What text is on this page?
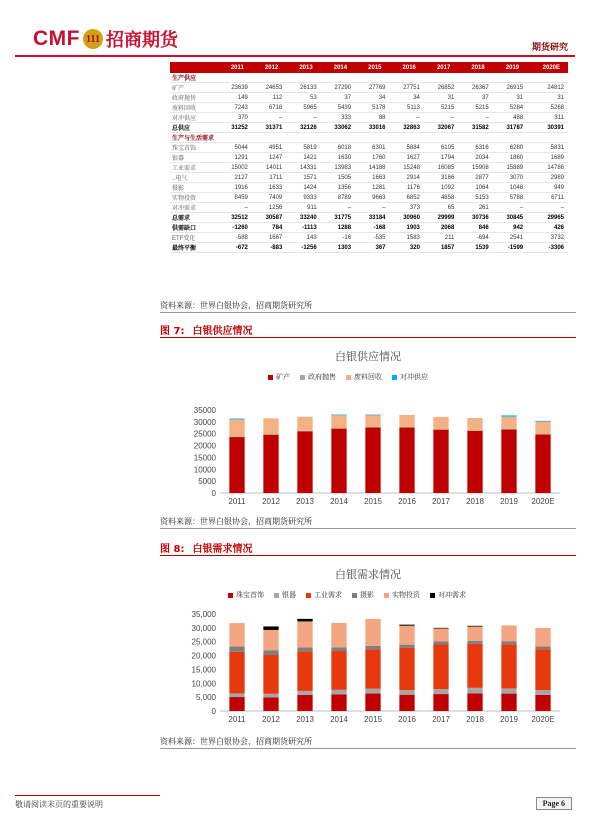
CMF 111 招商期货	期货研究
	2011	2012	2013	2014	2015	2016	2017	2018	2019	2020E
生产供应										
矿产	23639	24653	26133	27290	27769	27751	26852	26367	26915	24812
政府抛售	149	112	53	37	34	34	31	37	31	31
废料回收	7243	6718	5965	5439	5178	5113	5215	5215	5284	5268
对冲供应	370	–	–	333	88	–	–	–	488	311
总供应	31252	31371	32126	33062	33016	32863	32067	31582	31787	30391
生产与生活需求										
珠宝首饰	5044	4951	5819	6018	6301	5884	6105	6316	6280	5831
银器	1291	1247	1421	1630	1760	1627	1794	2034	1860	1689
工业需求	15002	14011	14331	13983	14188	15248	16085	15908	15889	14786
..电气	2127	1711	1571	1505	1663	2914	3166	2877	3070	2989
摄影	1916	1633	1424	1356	1281	1176	1092	1064	1048	949
实物投资	8459	7409	9333	8789	9663	6852	4858	5153	5788	6711
对冲需求	–	1256	911	–	–	373	65	261	–	–
总需求	32512	30587	33240	31775	33184	30960	29999	30736	30845	29965
供需缺口	-1260	784	-1113	1288	-168	1903	2068	846	942	426
ETF变化	-588	1667	143	-16	-535	1583	211	-694	2541	3732
最终平衡	-672	-883	-1256	1303	367	320	1857	1539	-1599	-3306
资料来源：世界白银协会，招商期货研究所
图 7: 白银供应情况
白银供应情况
矿产	政府抛售	废料回收	对冲供应
0
5000
10000
15000
20000
25000
30000
35000
2011 2012 2013 2014 2015 2016 2017 2018 2019 2020E
资料来源：世界白银协会，招商期货研究所
图 8: 白银需求情况
白银需求情况
珠宝首饰	银器	工业需求	摄影	实物投资	对冲需求
0
5,000
10,000
15,000
20,000
25,000
30,000
35,000
2011 2012 2013 2014 2015 2016 2017 2018 2019 2020E
资料来源：世界白银协会，招商期货研究所
敬请阅读末页的重要说明	Page 6
